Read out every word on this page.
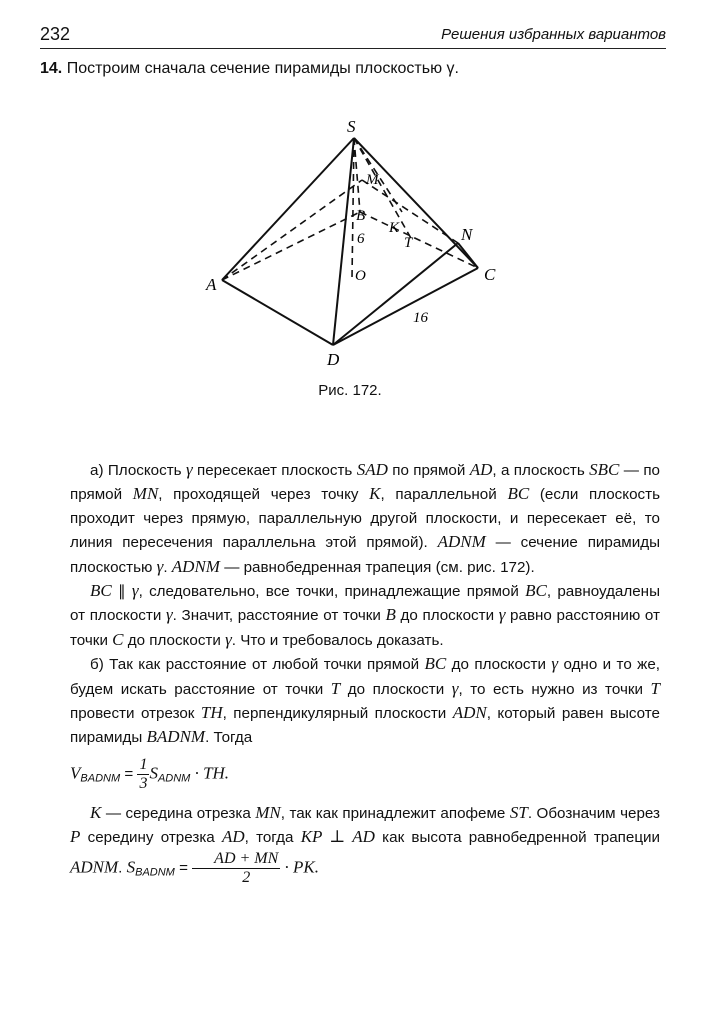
232	Решения избранных вариантов
14. Построим сначала сечение пирамиды плоскостью γ.
S
M
B
K
T	N
A
C
D
O
6
16
Рис. 172.

а) Плоскость γ пересекает плоскость SAD по прямой AD, а плоскость SBC — по прямой MN, проходящей через точку K, параллельной BC (если плоскость проходит через прямую, параллельную другой плоскости, и пересекает её, то линия пересечения параллельна этой прямой). ADNM — сечение пирамиды плоскостью γ. ADNM — равнобедренная трапеция (см. рис. 172).

BC ∥ γ, следовательно, все точки, принадлежащие прямой BC, равноудалены от плоскости γ. Значит, расстояние от точки B до плоскости γ равно расстоянию от точки C до плоскости γ. Что и требовалось доказать.

б) Так как расстояние от любой точки прямой BC до плоскости γ одно и то же, будем искать расстояние от точки T до плоскости γ, то есть нужно из точки T провести отрезок TH, перпендикулярный плоскости ADN, который равен высоте пирамиды BADNM. Тогда

$V_{BADNM} = \frac{1}{3} S_{ADNM}$ · TH.

K — середина отрезка MN, так как принадлежит апофеме ST. Обозначим через P середину отрезка AD, тогда KP ⊥ AD как высота равнобедренной трапеции ADNM. $S_{BADNM} = \frac{AD + MN}{2}$ · PK.
